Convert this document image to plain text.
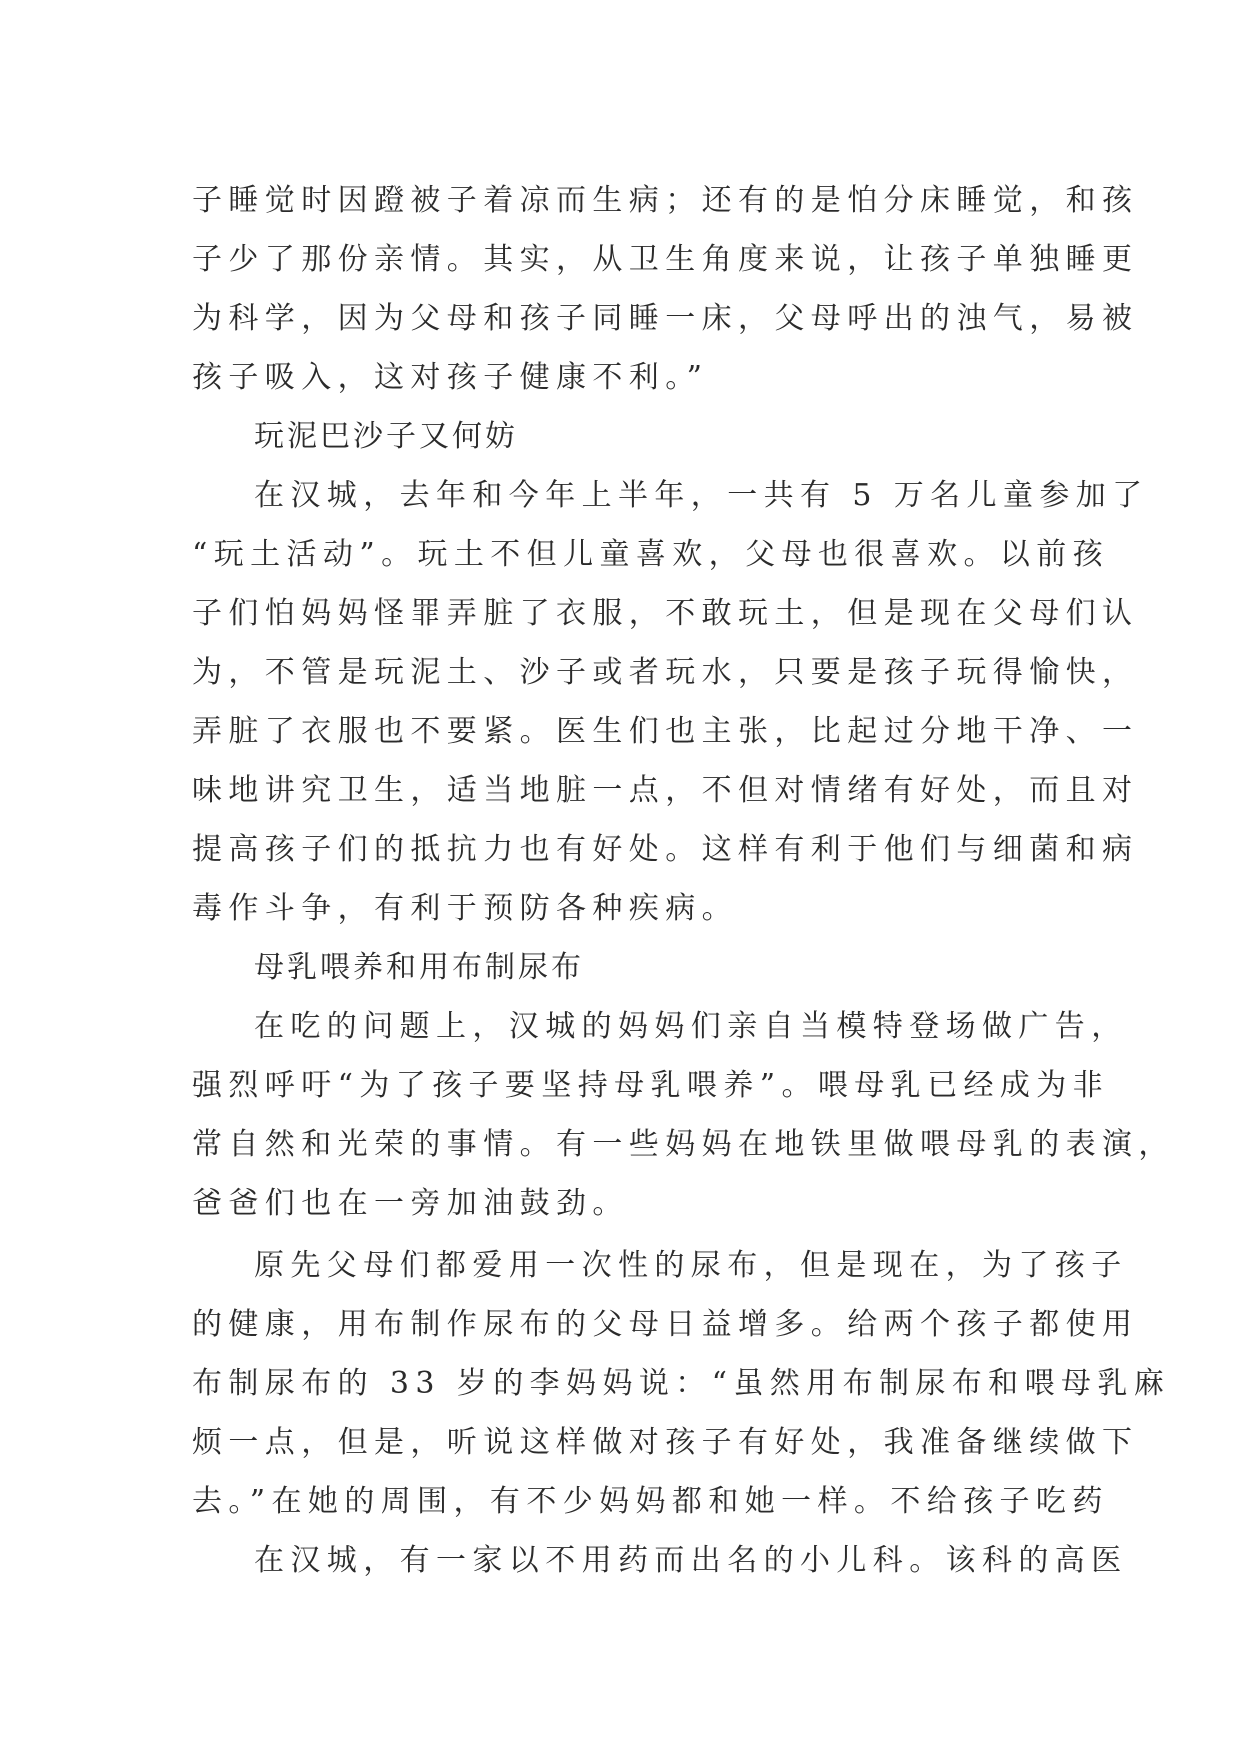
子睡觉时因蹬被子着凉而生病；还有的是怕分床睡觉，和孩

子少了那份亲情。其实，从卫生角度来说，让孩子单独睡更

为科学，因为父母和孩子同睡一床，父母呼出的浊气，易被

孩子吸入，这对孩子健康不利。”

玩泥巴沙子又何妨

在汉城，去年和今年上半年，一共有 5 万名儿童参加了

“玩土活动”。玩土不但儿童喜欢，父母也很喜欢。以前孩

子们怕妈妈怪罪弄脏了衣服，不敢玩土，但是现在父母们认

为，不管是玩泥土、沙子或者玩水，只要是孩子玩得愉快，

弄脏了衣服也不要紧。医生们也主张，比起过分地干净、一

味地讲究卫生，适当地脏一点，不但对情绪有好处，而且对

提高孩子们的抵抗力也有好处。这样有利于他们与细菌和病

毒作斗争，有利于预防各种疾病。

母乳喂养和用布制尿布

在吃的问题上，汉城的妈妈们亲自当模特登场做广告，

强烈呼吁“为了孩子要坚持母乳喂养”。喂母乳已经成为非

常自然和光荣的事情。有一些妈妈在地铁里做喂母乳的表演，

爸爸们也在一旁加油鼓劲。

原先父母们都爱用一次性的尿布，但是现在，为了孩子

的健康，用布制作尿布的父母日益增多。给两个孩子都使用

布制尿布的 33 岁的李妈妈说：“虽然用布制尿布和喂母乳麻

烦一点，但是，听说这样做对孩子有好处，我准备继续做下

去。”在她的周围，有不少妈妈都和她一样。不给孩子吃药

在汉城，有一家以不用药而出名的小儿科。该科的高医
